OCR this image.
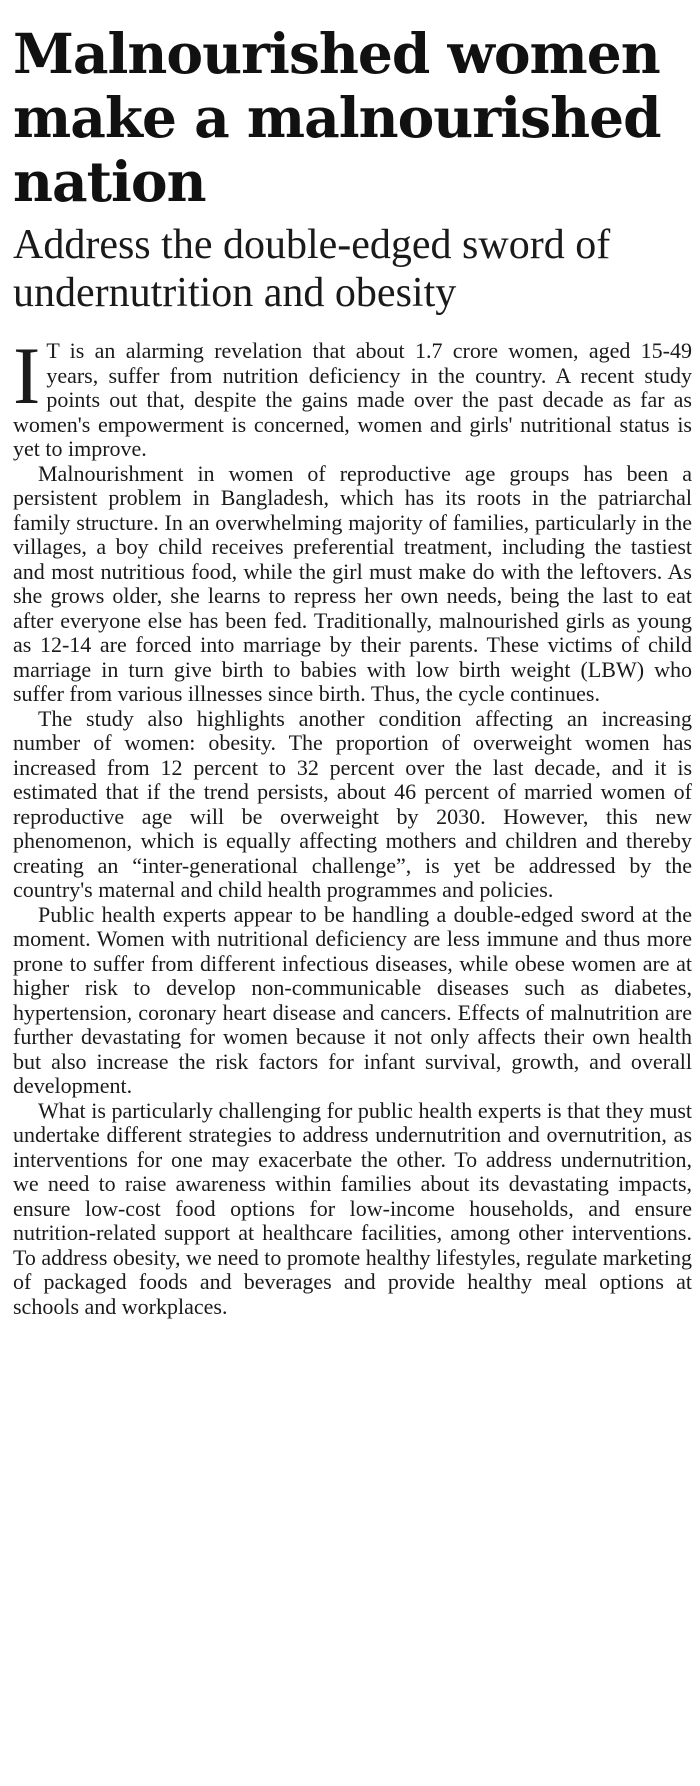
Malnourished women make a malnourished nation
Address the double-edged sword of undernutrition and obesity

I T is an alarming revelation that about 1.7 crore women, aged 15-49 years, suffer from nutrition deficiency in the country. A recent study points out that, despite the gains made over the past decade as far as women's empowerment is concerned, women and girls' nutritional status is yet to improve.

Malnourishment in women of reproductive age groups has been a persistent problem in Bangladesh, which has its roots in the patriarchal family structure. In an overwhelming majority of families, particularly in the villages, a boy child receives preferential treatment, including the tastiest and most nutritious food, while the girl must make do with the leftovers. As she grows older, she learns to repress her own needs, being the last to eat after everyone else has been fed. Traditionally, malnourished girls as young as 12-14 are forced into marriage by their parents. These victims of child marriage in turn give birth to babies with low birth weight (LBW) who suffer from various illnesses since birth. Thus, the cycle continues.

The study also highlights another condition affecting an increasing number of women: obesity. The proportion of overweight women has increased from 12 percent to 32 percent over the last decade, and it is estimated that if the trend persists, about 46 percent of married women of reproductive age will be overweight by 2030. However, this new phenomenon, which is equally affecting mothers and children and thereby creating an “inter-generational challenge”, is yet be addressed by the country's maternal and child health programmes and policies.

Public health experts appear to be handling a double-edged sword at the moment. Women with nutritional deficiency are less immune and thus more prone to suffer from different infectious diseases, while obese women are at higher risk to develop non-communicable diseases such as diabetes, hypertension, coronary heart disease and cancers. Effects of malnutrition are further devastating for women because it not only affects their own health but also increase the risk factors for infant survival, growth, and overall development.

What is particularly challenging for public health experts is that they must undertake different strategies to address undernutrition and overnutrition, as interventions for one may exacerbate the other. To address undernutrition, we need to raise awareness within families about its devastating impacts, ensure low-cost food options for low-income households, and ensure nutrition-related support at healthcare facilities, among other interventions. To address obesity, we need to promote healthy lifestyles, regulate marketing of packaged foods and beverages and provide healthy meal options at schools and workplaces.
